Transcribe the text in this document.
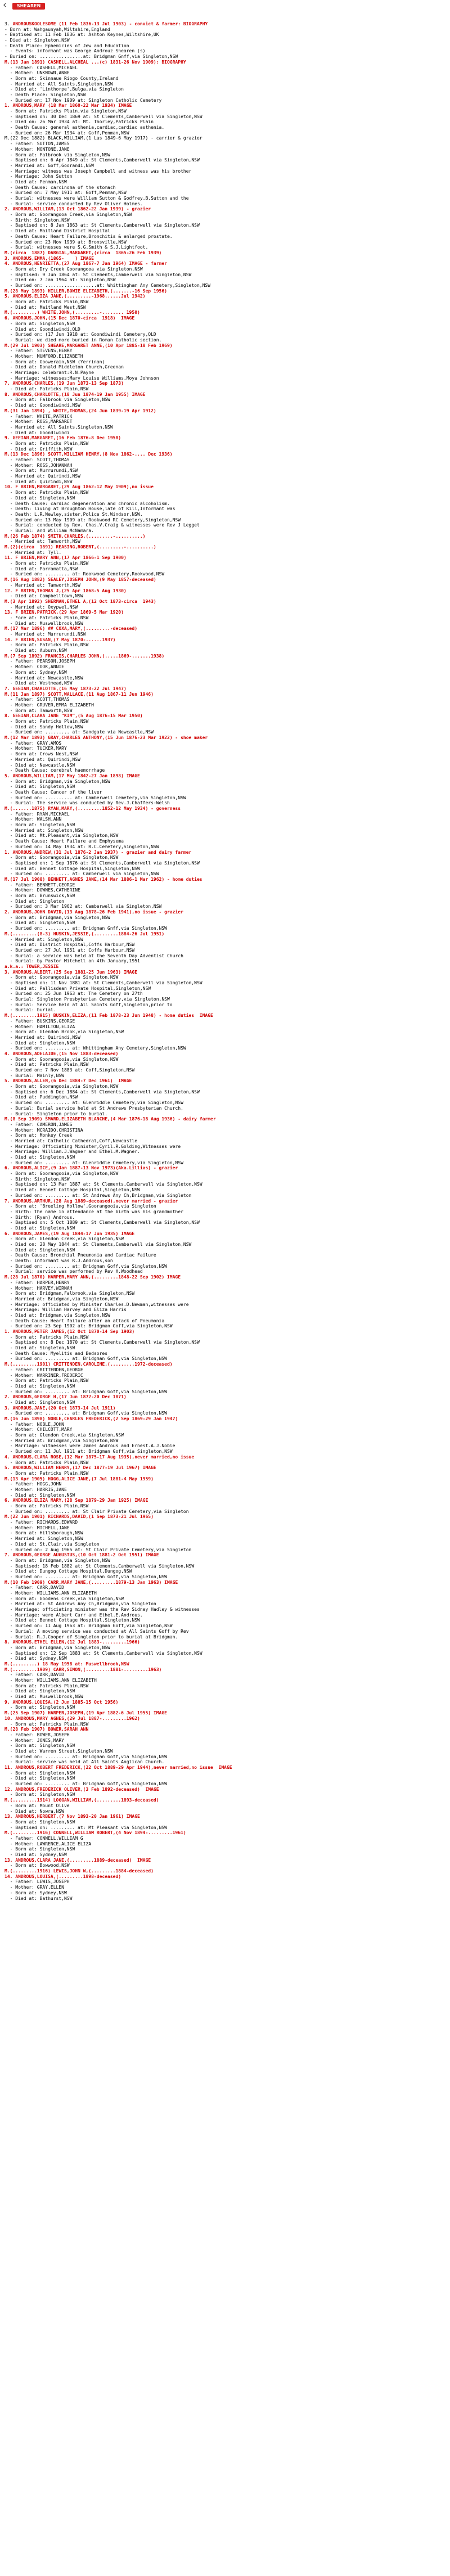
SHEAREN
3. ANDROUSKOOLESOME (11 Feb 1836-13 Jul 1903) - convict & farmer: BIOGRAPHY
- Born at: Wahgaunyah,Wiltshire,England
- Baptised at: 11 Feb 1836 at: Ashton Keynes,Wiltshire,UK
- Died at: Singleton,NSW
- Death Place: Ephemicies of Jew and Education
- Events: informant was George Androuz Shearen (s)
- Buried on: ................at: Bridgman Gnff,via Singleton,NSW
M.(13 Jan 1891) CASHELL,ALCHEAL ...(c) 1831-26 Nov 1909): BIOGRAPHY
- Father: CASHELL,MICHAEL
- Mother: UNKNOWN,ANNE
- Born at: Skinnaue Riogo County,Ireland
- Married at: All Saints,Singleton,NSW
- Died at: 'Linthorpe',Bulga,via Singleton
- Death Place: Singleton,NSW
- Buried on: 17 Nov 1909 at: Singleton Catholic Cemetery
1. ANDROUS,MARY (18 Mar 1860-22 Mar 1934) IMAGE
- Born at: Patricks Plain,via Singleton,NSW
- Baptised on: 30 Dec 1869 at: St Clements,Camberwell via Singleton,NSW
- Died on: 26 Mar 1934 at: Mt. Thorley,Patricks Plain
- Death Cause: general asthenia,cardiac,cardiac asthenia.
- Buried on: 26 Mar 1934 at: Goff,Penman,NSW
M.(22 Dec 1882) BLACK,WILLIAM,(1 Las 1849-6 May 1917) - carrier & grazier
- Father: SUTTON,JAMES
- Mother: MONTONE,JANE
- Born at: Falbrook via Singleton,NSW
- Baptised on: 6 Apr 1849 at: St Clements,Camberwell via Singleton,NSW
- Married at: Goff,Goorandi,NSW
- Marriage: witness was Joseph Campbell and witness was his brother
- Marriage: John Sutton
- Died at: Penman,NSW
- Death Cause: carcinoma of the stomach
- Buried on: 7 May 1911 at: Goff,Penman,NSW
- Burial: witnesses were William Sutton & Godfrey.B.Sutton and the
- Burial: service conducted by Rev Oliver Holmes.
2. ANDROUS,WILLIAM,(13 Oct 1862-22 Jan 1939) - grazier
- Born at: Goorangooa Creek,via Singleton,NSW
- Birth: Singleton,NSW
- Baptised on: 8 Jan 1863 at: St Clements,Camberwell via Singleton,NSW
- Died at: Maitland District Hospital
- Death Cause: Heart Failure,Bronchitis & enlarged prostate.
- Buried on: 23 Nov 1939 at: Bronsville,NSW
- Burial: witnesses were S.G.Smith & S.J.Lightfoot.
M.(circa  1887) DARGIAL,MARGARET,(circa  1865-26 Feb 1939)
3. ANDROUS,EMMA,(1865-    ) IMAGE
4. ANDROUS,HENRIETTA,(27 Aug 1867-7 Jan 1964) IMAGE - farmer
- Born at: Dry Creek Goorangooa via Singleton,NSW
- Baptised: 9 Jun 1864 at: St Clements,Camberwell via Singleton,NSW
- Died on: 7 Jan 1964 at: Singleton,NSW
- Buried on: ...................at: Whittingham Any Cemetery,Singleton,NSW
M.(28 May 1893) HILLER,BOWIE ELIZABETH,(.......-16 Sep 1956)
5. ANDROUS,ELIZA JANE,(.........-1968......Jul 1942)
- Born at: Patricks Plain,NSW
- Died at: Maitland West,NSW
M.(.........) WHITE,JOHN,(.........-........ 1950)
6. ANDROUS,JOHN,(15 Dec 1870-circa  1918)  IMAGE
- Born at: Singleton,NSW
- Died at: Goondiwindi,QLD
- Buried on: (17 Jun 1918 at: Goondiwindi Cemetery,QLD
- Burial: we died more buried in Roman Catholic section.
M.(29 Jul 1903) SHEARE,MARGARET ANNE,(10 Apr 1885-18 Feb 1969)
- Father: STEVENS,HENRY
- Mother: MUMFORD,ELIZABETH
- Born at: Goowerain,NSW (Yerrinan)
- Died at: Donald Middleton Church,Greenan
- Marriage: celebrant:R.N.Payne
- Marriage: witnesses:Mary Louise Williams,Moya Johnson
7. ANDROUS,CHARLES,(19 Jun 1873-13 Sep 1873)
- Died at: Patricks Plain,NSW
8. ANDROUS,CHARLOTTE,(18 Jun 1874-19 Jan 1955) IMAGE
- Born at: Falbrook via Singleton,NSW
- Died at: Goondiwindi,NSW
M.(31 Jan 1894) , WHITE,THOMAS,(24 Jun 1839-19 Apr 1912)
- Father: WHITE,PATRICK
- Mother: ROSS,MARGARET
- Married at: All Saints,Singleton,NSW
- Died at: Goondiwindi
9. GEEIAN,MARGARET,(16 Feb 1876-8 Dec 1958)
- Born at: Patricks Plain,NSW
- Died at: Griffith,NSW
M.(13 Dec 1896) SCOTT,WILLIAM HENRY,(8 Nov 1862-.... Dec 1936)
- Father: SCOTT,THOMAS
- Mother: ROSS,JOHANNAH
- Born at: Murrurundi,NSW
- Married at: Quirindi,NSW
- Died at: Quirindi,NSW
10. F BRIEN,MARGARET,(29 Aug 1862-12 May 1909),no issue
- Born at: Patricks Plain,NSW
- Died at: Singleton,NSW
- Death Cause: cardiac degeneration and chronic alcoholism.
- Death: living at Broughton House,late of Kill,Informant was
- Death: L.R.Newley,sister,Police St.Windsor,NSW.
- Buried on: 13 May 1909 at: Rookwood RC Cemetery,Singleton,NSW
- Burial: conducted by Rev. Chas.V.Craig & witnesses were Rev J Legget
- Burial: and William McNamara.
M.(26 Feb 1874) SMITH,CHARLES,(.........-..........)
- Married at: Tamworth,NSW
M.(2)(circa  1891) REASING,ROBERT,(.........-..........)
- Married at: Tyll.
11. F BRIEN,MARY ANN,(17 Apr 1866-1 Sep 1900)
- Born at: Patricks Plain,NSW
- Died at: Parramatta,NSW
- Buried on: ......... at: Rookwood Cemetery,Rookwood,NSW
M.(16 Aug 1882) SEALEY,JOSEPH JOHN,(9 May 1857-deceased)
- Married at: Tamworth,NSW
12. F BRIEN,THOMAS J,(25 Apr 1868-5 Aug 1930)
- Died at: Campbelltown,NSW
M.(3 Apr 1892) SHERMAN,ETHEL A,(12 Oct 1873-circa  1943)
- Married at: Oxypwel,NSW
13. F BRIEN,PATRICK,(29 Apr 1869-5 Mar 1920)
- *ore at: Patricks Plain,NSW
- Died at: Muswellbrook,NSW
M.(17 Mar 1896) ## COXA,MARY,(.........-deceased)
- Married at: Murrurundi,NSW
14. F BRIEN,SUSAN,(7 May 1870-......1937)
- Born at: Patricks Plain,NSW
- Died at: Auburn,NSW
M.(7 Sep 1892) FRANCIS,CHARLES JOHN,(.....1869-.......1938)
- Father: PEARSON,JOSEPH
- Mother: COOK,ANNIE
- Born at: Sydney,NSW
- Married at: Newcastle,NSW
- Died at: Westmead,NSW
7. GEEIAN,CHARLOTTE,(16 May 1873-22 Jul 1947)
M.(11 Jan 1897) SCOTT,WALLACE,(11 Aug 1867-11 Jun 1946)
- Father: SCOTT,THOMAS
- Mother: GRUVER,EMMA ELIZABETH
- Born at: Tamworth,NSW
8. GEEIAN,CLARA JANE "KIM",(5 Aug 1876-15 Mar 1950)
- Born at: Patricks Plain,NSW
- Died at: Sandy Hollow,NSW
- Buried on: ......... at: Sandgate via Newcastle,NSW
M.(12 Mar 1893) GRAY,CHARLES ANTHONY,(15 Jun 1876-23 Mar 1922) - shoe maker
- Father: GRAY,AMOS
- Mother: TUCKER,MARY
- Born at: Crows Nest,NSW
- Married at: Quirindi,NSW
- Died at: Newcastle,NSW
- Death Cause: cerebral haemorrhage
5. ANDROUS,WILLIAM,(17 May 1842-27 Jan 1898) IMAGE
- Born at: Bridgman,via Singleton,NSW
- Died at: Singleton,NSW
- Death Cause: Cancer of the liver
- Buried on: .......... at: Camberwell Cemetery,via Singleton,NSW
- Burial: The service was conducted by Rev.J.Chaffers-Welsh
M.(.......1875) RYAN,MARY,(.........1852-12 May 1934) - governess
- Father: RYAN,MICHAEL
- Mother: WALSH,ANN
- Born at: Singleton,NSW
- Married at: Singleton,NSW
- Died at: Mt.Pleasant,via Singleton,NSW
- Death Cause: Heart Failure and Emphysema
- Buried on: 14 May 1934 at: R.C.Cemetery,Singleton,NSW
1. ANDROUS,ANDREW,(31 Jul 1876-2 Jan 1937) - grazier and dairy farmer
- Born at: Goorangooia,via Singleton,NSW
- Baptised on: 1 Sep 1876 at: St Clements,Camberwell via Singleton,NSW
- Died at: Bennet Cottage Hospital,Singleton,NSW
- Buried on: ......... at: Camberwell via Singleton,NSW
M.(17 Jul 1908) BENNETT,AGNES JANE,(14 Mar 1886-1 Mar 1962) - home duties
- Father: BENNETT,GEORGE
- Mother: DOWNES,CATHERINE
- Born at: Brunswick,NSW
- Died at: Singleton
- Buried on: 3 Mar 1962 at: Camberwell via Singleton,NSW
2. ANDROUS,JOHN DAVID,(13 Aug 1878-26 Feb 1941),no issue - grazier
- Born at: Bridgman,via Singleton,NSW
- Died at: Singleton,NSW
- Buried on: ......... at: Bridgman Gnff,via Singleton,NSW
M.(.........(8-3) HUSKIN,JESSIE,(.........1884-26 Jul 1951)
- Married at: Singleton,NSW
- Died at: District Hospital,Coffs Harbour,NSW
- Buried on: 27 Jul 1951 at: Coffs Harbour,NSW
- Burial: a service was held at the Seventh Day Adventist Church
- Burial: by Pastor Mitchell on 4th January,1951
a.k.a.: TOWER,JESSIE
3. ANDROUS,ALBERT,(25 Sep 1881-25 Jun 1963) IMAGE
- Born at: Goorangooia,via Singleton,NSW
- Baptised on: 11 Nov 1881 at: St Clements,Camberwell via Singleton,NSW
- Died at: Pallisdean Private Hospital,Singleton,NSW
- Buried on: 25 Jun 1963 at: The Cemetery on 27th
- Burial: Singleton Presbyterian Cemetery,via Singleton,NSW
- Burial: Service held at All Saints Goff,Singleton,prior to
- Burial: burial.
M.(.........1915) BUSKIN,ELIZA,(11 Feb 1878-23 Jun 1948) - home duties  IMAGE
- Father: BUSKINS,GEORGE
- Mother: HAMILTON,ELIZA
- Born at: Glendon Brook,via Singleton,NSW
- Married at: Quirindi,NSW
- Died at: Singleton,NSW
- Buried on: ......... at: Whittingham Any Cemetery,Singleton,NSW
4. ANDROUS,ADELAIDE,(15 Nov 1883-deceased)
- Born at: Goorangooia,via Singleton,NSW
- Died at: Patricks Plain,NSW
- Buried on: 7 Nov 1883 at: Coff,Singleton,NSW
- Burial: Mainly,NSW
5. ANDROUS,ALLEN,(6 Dec 1884-7 Dec 1961)  IMAGE
- Born at: Goorangooia,via Singleton,NSW
- Baptised on: 6 Dec 1884 at: St Clements,Camberwell via Singleton,NSW
- Died at: Puddington,NSW
- Buried on: ......... at: Glenriddle Cemetery,via Singleton,NSW
- Burial: Burial service held at St Andrews Presbyterian Church,
- Burial: Singleton prior to burial.
M.(8 Sep 1909) SMARD,ELIZABETH BLANCHE,(4 Mar 1876-18 Aug 1936) - dairy farmer
- Father: CAMERON,JAMES
- Mother: MCRAIDO,CHRISTINA
- Born at: Monkey Creek
- Married at: Catholic Cathedral,Coff,Newcastle
- Marriage: Officiating Minister,Cyril.R.Golding,Witnesses were
- Marriage: William.J.Wagner and Ethel.M.Wagner.
- Died at: Singleton,NSW
- Buried on: ......... at: Glenriddle Cemetery,via Singleton,NSW
6. ANDROUS,ALICE,(9 Jan 1887-13 Nov 1973)(Aka.Lillias) - grazier
- Born at: Goorangooia,via Singleton,NSW
- Birth: Singleton,NSW
- Baptised on: 13 Mar 1887 at: St Clements,Camberwell via Singleton,NSW
- Died at: Bennet Cottage Hospital,Singleton,NSW
- Buried on: ......... at: St Andrews Any Ch,Bridgman,via Singleton
7. ANDROUS,ARTHUR,(28 Aug 1889-deceased),never married - grazier
- Born at: 'Breeling Hollow',Goorangooia,via Singleton
- Birth: The name in attendance at the birth was his grandmother
- Birth: (Ryan) Androus.
- Baptised on: 5 Oct 1889 at: St Clements,Camberwell via Singleton,NSW
- Died at: Singleton,NSW
6. ANDROUS,JAMES,(19 Aug 1844-17 Jun 1935) IMAGE
- Born at: Glendon Creek,via Singleton,NSW
- Died on: 28 May 1844 at: St Clements,Camberwell via Singleton,NSW
- Died at: Singleton,NSW
- Death Cause: Bronchial Pneumonia and Cardiac Failure
- Death: informant was R.J.Androus,son
- Buried on: ......... at: Bridgman Goff,via Singleton,NSW
- Burial: service was performed by Rev H.Woodhead
M.(28 Jul 1870) HARPER,MARY ANN,(.........1848-22 Sep 1902) IMAGE
- Father: HARPER,HENRY
- Mother: HARVEY,WIRNAH
- Born at: Bridgman,Falbrook,via Singleton,NSW
- Married at: Bridgman,via Singleton,NSW
- Marriage: officiated by Minister Charles.D.Newman,witnesses were
- Marriage: William Harvey and Eliza Harris
- Died at: Bridgman,via Singleton,NSW
- Death Cause: Heart failure after an attack of Pneumonia
- Buried on: 23 Sep 1902 at: Bridgman Goff,via Singleton,NSW
1. ANDROUS,PETER JAMES,(12 Oct 1870-14 Sep 1903)
- Born at: Patricks Plain,NSW
- Baptised on: 8 Dec 1870 at: St Clements,Camberwell via Singleton,NSW
- Died at: Singleton,NSW
- Death Cause: Myelitis and Bedsores
- Buried on: ......... at: Bridgman Goff,via Singleton,NSW
M.(.........1901) CRITTENDEN,CAROLINE,(.........1972-deceased)
- Father: CRITTENDEN,GEORGE
- Mother: WARRINER,FREDERIC
- Born at: Patricks Plain,NSW
- Died at: Singleton,NSW
- Buried on: ......... at: Bridgman Goff,via Singleton,NSW
2. ANDROUS,GEORGE H,(17 Jun 1872-20 Dec 1871)
- Died at: Singleton,NSW
3. ANDROUS,JANE,(20 Oct 1873-14 Jul 1911)
- Buried on: ......... at: Bridgman Goff,via Singleton,NSW
M.(16 Jun 1898) NOBLE,CHARLES FREDERICK,(2 Sep 1869-29 Jan 1947)
- Father: NOBLE,JOHN
- Mother: CHILCOTT,MARY
- Born at: Glendon Creek,via Singleton,NSW
- Married at: Bridgman,via Singleton,NSW
- Marriage: witnesses were James Androus and Ernest.A.J.Noble
- Buried on: 11 Jul 1911 at: Bridgman Goff,via Singleton,NSW
4. ANDROUS,CLARA ROSE,(12 Mar 1875-17 Aug 1935),never married,no issue
- Born at: Patricks Plain,NSW
5. ANDROUS,WILLIAM HENRY,(17 Dec 1877-19 Jul 1967) IMAGE
- Born at: Patricks Plain,NSW
M.(13 Apr 1905) HOGG,ALICE JANE,(7 Jul 1881-4 May 1959)
- Father: HOGG,JOHN
- Mother: HARRIS,JANE
- Died at: Singleton,NSW
6. ANDROUS,ELIZA MARY,(28 Sep 1879-29 Jan 1925) IMAGE
- Born at: Patricks Plain,NSW
- Buried on: ......... at: St Clair Private Cemetery,via Singleton
M.(22 Jun 1901) RICHARDS,DAVID,(1 Sep 1873-21 Jul 1965)
- Father: RICHARDS,EDWARD
- Mother: MICHELL,JANE
- Born at: Hillsborough,NSW
- Married at: Singleton,NSW
- Died at: St.Clair,via Singleton
- Buried on: 2 Aug 1965 at: St Clair Private Cemetery,via Singleton
7. ANDROUS,GEORGE AUGUSTUS,(10 Oct 1881-2 Oct 1951) IMAGE
- Born at: Bridgman,via Singleton,NSW
- Baptised: 18 Feb 1882 at: St Clements,Camberwell via Singleton,NSW
- Died at: Dungog Cottage Hospital,Dungog,NSW
- Buried on: ......... at: Bridgman Goff,via Singleton,NSW
M.(10 Feb 1909) CARR,MARY JANE,(.........1879-13 Jan 1963) IMAGE
- Father: CARR,DAVID
- Mother: WILLIAMS,ANN ELIZABETH
- Born at: Goodens Creek,via Singleton,NSW
- Married at: St Andrews Any Ch,Bridgman,via Singleton
- Marriage: officiating minister was the Rev Sidney Hadley & witnesses
- Marriage: were Albert Carr and Ethel.E.Androus.
- Died at: Bennet Cottage Hospital,Singleton,NSW
- Buried on: 11 Aug 1963 at: Bridgman Goff,via Singleton,NSW
- Burial: A moving service was conducted at All Saints Goff by Rev
- Burial: R.J.Cooper of Singleton prior to burial at Bridgman.
8. ANDROUS,ETHEL ELLEN,(12 Jul 1883-.........1966)
- Born at: Bridgman,via Singleton,NSW
- Baptised on: 12 Sep 1883 at: St Clements,Camberwell via Singleton,NSW
- Died at: Sydney,NSW
M.(.........) 18 May 1958 at: Muswellbrook,NSW
M.(.........1909) CARR,SIMON,(.........1881-.........1963)
- Father: CARR,DAVID
- Mother: WILLIAMS,ANN ELIZABETH
- Born at: Patricks Plain,NSW
- Died at: Singleton,NSW
- Died at: Muswellbrook,NSW
9. ANDROUS,LOUISA,(2 Jun 1885-15 Oct 1956)
- Born at: Singleton,NSW
M.(25 Sep 1907) HARPER,JOSEPH,(19 Apr 1882-6 Jul 1955) IMAGE
10. ANDROUS,MARY AGNES,(29 Jul 1887-.........1962)
- Born at: Patricks Plain,NSW
M.(28 Feb 1907) BOWER,SARAH ANN
- Father: BOWER,JOSEPH
- Mother: JONES,MARY
- Born at: Singleton,NSW
- Died at: Warren Street,Singleton,NSW
- Buried on: ......... at: Bridgman Goff,via Singleton,NSW
- Burial: service was held at All Saints Anglican Church.
11. ANDROUS,ROBERT FREDERICK,(22 Oct 1889-29 Apr 1944),never married,no issue  IMAGE
- Born at: Singleton,NSW
- Died at: Singleton,NSW
- Buried on: ......... at: Bridgman Goff,via Singleton,NSW
12. ANDROUS,FREDERICK OLIVER,(3 Feb 1892-deceased)  IMAGE
- Born at: Singleton,NSW
M.(.........1914) LOGGAN,WILLIAM,(.........1893-deceased)
- Born at: Mount Olive
- Died at: Nowra,NSW
13. ANDROUS,HERBERT,(7 Nov 1893-20 Jan 1961) IMAGE
- Born at: Singleton,NSW
- Baptised on: ......... at: Mt Pleasant via Singleton,NSW
M.(.........1916) CONNELL,WILLIAM ROBERT,(4 Nov 1894-.........1961)
- Father: CONNELL,WILLIAM G
- Mother: LAWRENCE,ALICE ELIZA
- Born at: Singleton,NSW
- Died at: Sydney,NSW
13. ANDROUS,CLARA JANE,(.........1889-deceased)  IMAGE
- Born at: Bowwood,NSW
M.(.........1916) LEWIS,JOHN W,(.........1884-deceased)
14. ANDROUS,LOUISA,(.........1898-deceased)
- Father: LEWIS,JOSEPH
- Mother: GRAY,ELLEN
- Born at: Sydney,NSW
- Died at: Bathurst,NSW
